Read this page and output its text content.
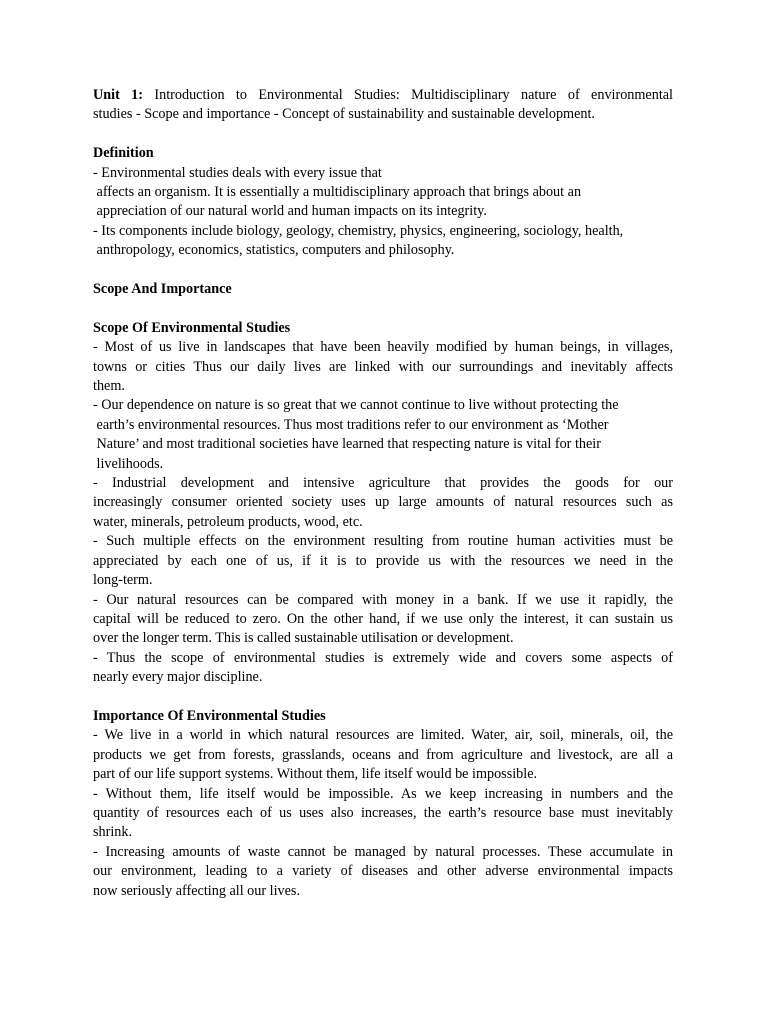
Unit 1: Introduction to Environmental Studies: Multidisciplinary nature of environmental
studies - Scope and importance - Concept of sustainability and sustainable development.
Definition
- Environmental studies deals with every issue that
affects an organism. It is essentially a multidisciplinary approach that brings about an
appreciation of our natural world and human impacts on its integrity.
- Its components include biology, geology, chemistry, physics, engineering, sociology, health,
anthropology, economics, statistics, computers and philosophy.
Scope And Importance
Scope Of Environmental Studies
- Most of us live in landscapes that have been heavily modified by human beings, in villages,
towns or cities Thus our daily lives are linked with our surroundings and inevitably affects
them.
- Our dependence on nature is so great that we cannot continue to live without protecting the
earth’s environmental resources. Thus most traditions refer to our environment as ‘Mother
Nature’ and most traditional societies have learned that respecting nature is vital for their
livelihoods.
- Industrial development and intensive agriculture that provides the goods for our
increasingly consumer oriented society uses up large amounts of natural resources such as
water, minerals, petroleum products, wood, etc.
- Such multiple effects on the environment resulting from routine human activities must be
appreciated by each one of us, if it is to provide us with the resources we need in the
long-term.
- Our natural resources can be compared with money in a bank. If we use it rapidly, the
capital will be reduced to zero. On the other hand, if we use only the interest, it can sustain us
over the longer term. This is called sustainable utilisation or development.
- Thus the scope of environmental studies is extremely wide and covers some aspects of
nearly every major discipline.
Importance Of Environmental Studies
- We live in a world in which natural resources are limited. Water, air, soil, minerals, oil, the
products we get from forests, grasslands, oceans and from agriculture and livestock, are all a
part of our life support systems. Without them, life itself would be impossible.
- Without them, life itself would be impossible. As we keep increasing in numbers and the
quantity of resources each of us uses also increases, the earth’s resource base must inevitably
shrink.
- Increasing amounts of waste cannot be managed by natural processes. These accumulate in
our environment, leading to a variety of diseases and other adverse environmental impacts
now seriously affecting all our lives.
